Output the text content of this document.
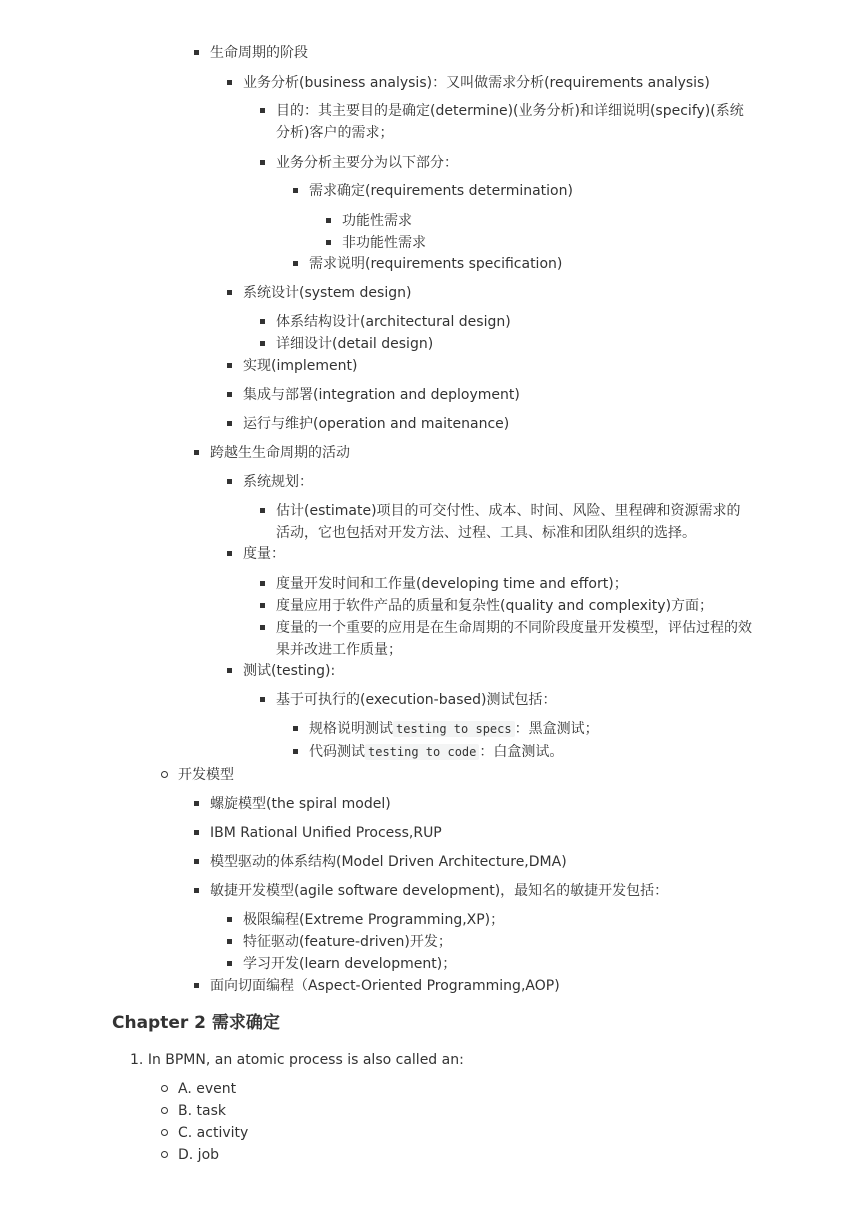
生命周期的阶段
业务分析(business analysis)：又叫做需求分析(requirements analysis)
目的：其主要目的是确定(determine)(业务分析)和详细说明(specify)(系统分析)客户的需求；
业务分析主要分为以下部分：
需求确定(requirements determination)
功能性需求
非功能性需求
需求说明(requirements specification)
系统设计(system design)
体系结构设计(architectural design)
详细设计(detail design)
实现(implement)
集成与部署(integration and deployment)
运行与维护(operation and maitenance)
跨越生生命周期的活动
系统规划：
估计(estimate)项目的可交付性、成本、时间、风险、里程碑和资源需求的活动，它也包括对开发方法、过程、工具、标准和团队组织的选择。
度量：
度量开发时间和工作量(developing time and effort)；
度量应用于软件产品的质量和复杂性(quality and complexity)方面；
度量的一个重要的应用是在生命周期的不同阶段度量开发模型，评估过程的效果并改进工作质量；
测试(testing):
基于可执行的(execution-based)测试包括：
规格说明测试 testing to specs ：黑盒测试；
代码测试 testing to code ：白盒测试。
开发模型
螺旋模型(the spiral model)
IBM Rational Unified Process,RUP
模型驱动的体系结构(Model Driven Architecture,DMA)
敏捷开发模型(agile software development)，最知名的敏捷开发包括：
极限编程(Extreme Programming,XP)；
特征驱动(feature-driven)开发；
学习开发(learn development)；
面向切面编程（Aspect-Oriented Programming,AOP)
Chapter 2 需求确定
1. In BPMN, an atomic process is also called an:
A. event
B. task
C. activity
D. job
